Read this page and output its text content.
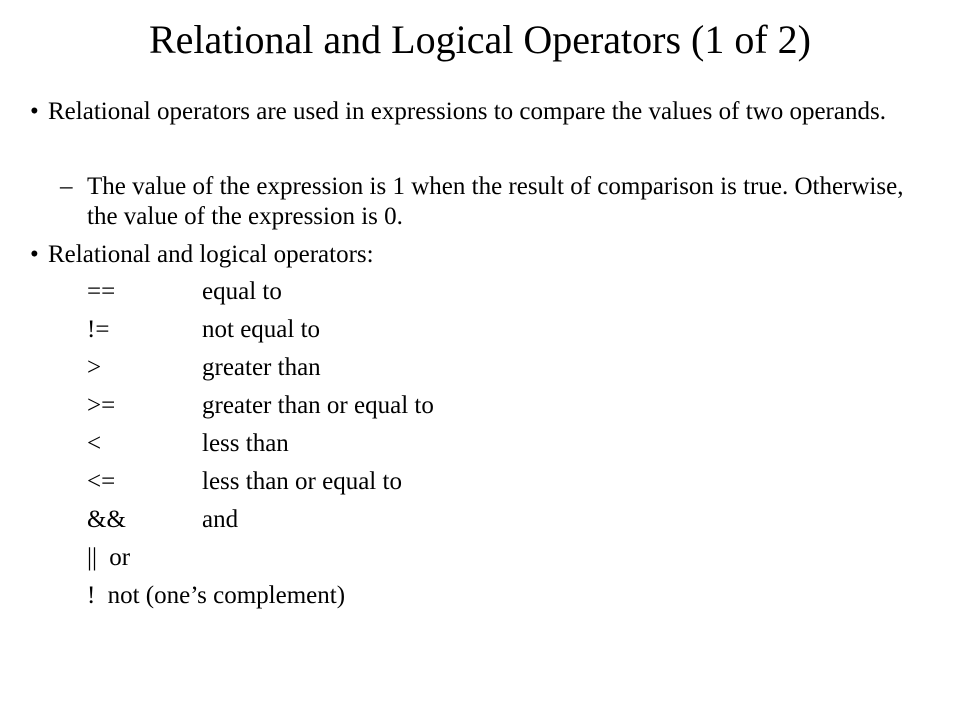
Relational and Logical Operators (1 of 2)
• Relational operators are used in expressions to compare the values of two operands.
– The value of the expression is 1 when the result of comparison is true. Otherwise, the value of the expression is 0.
• Relational and logical operators:
==	equal to
!=	not equal to
>	greater than
>=	greater than or equal to
<	less than
<=	less than or equal to
&&	and
|| or
! not (one’s complement)
